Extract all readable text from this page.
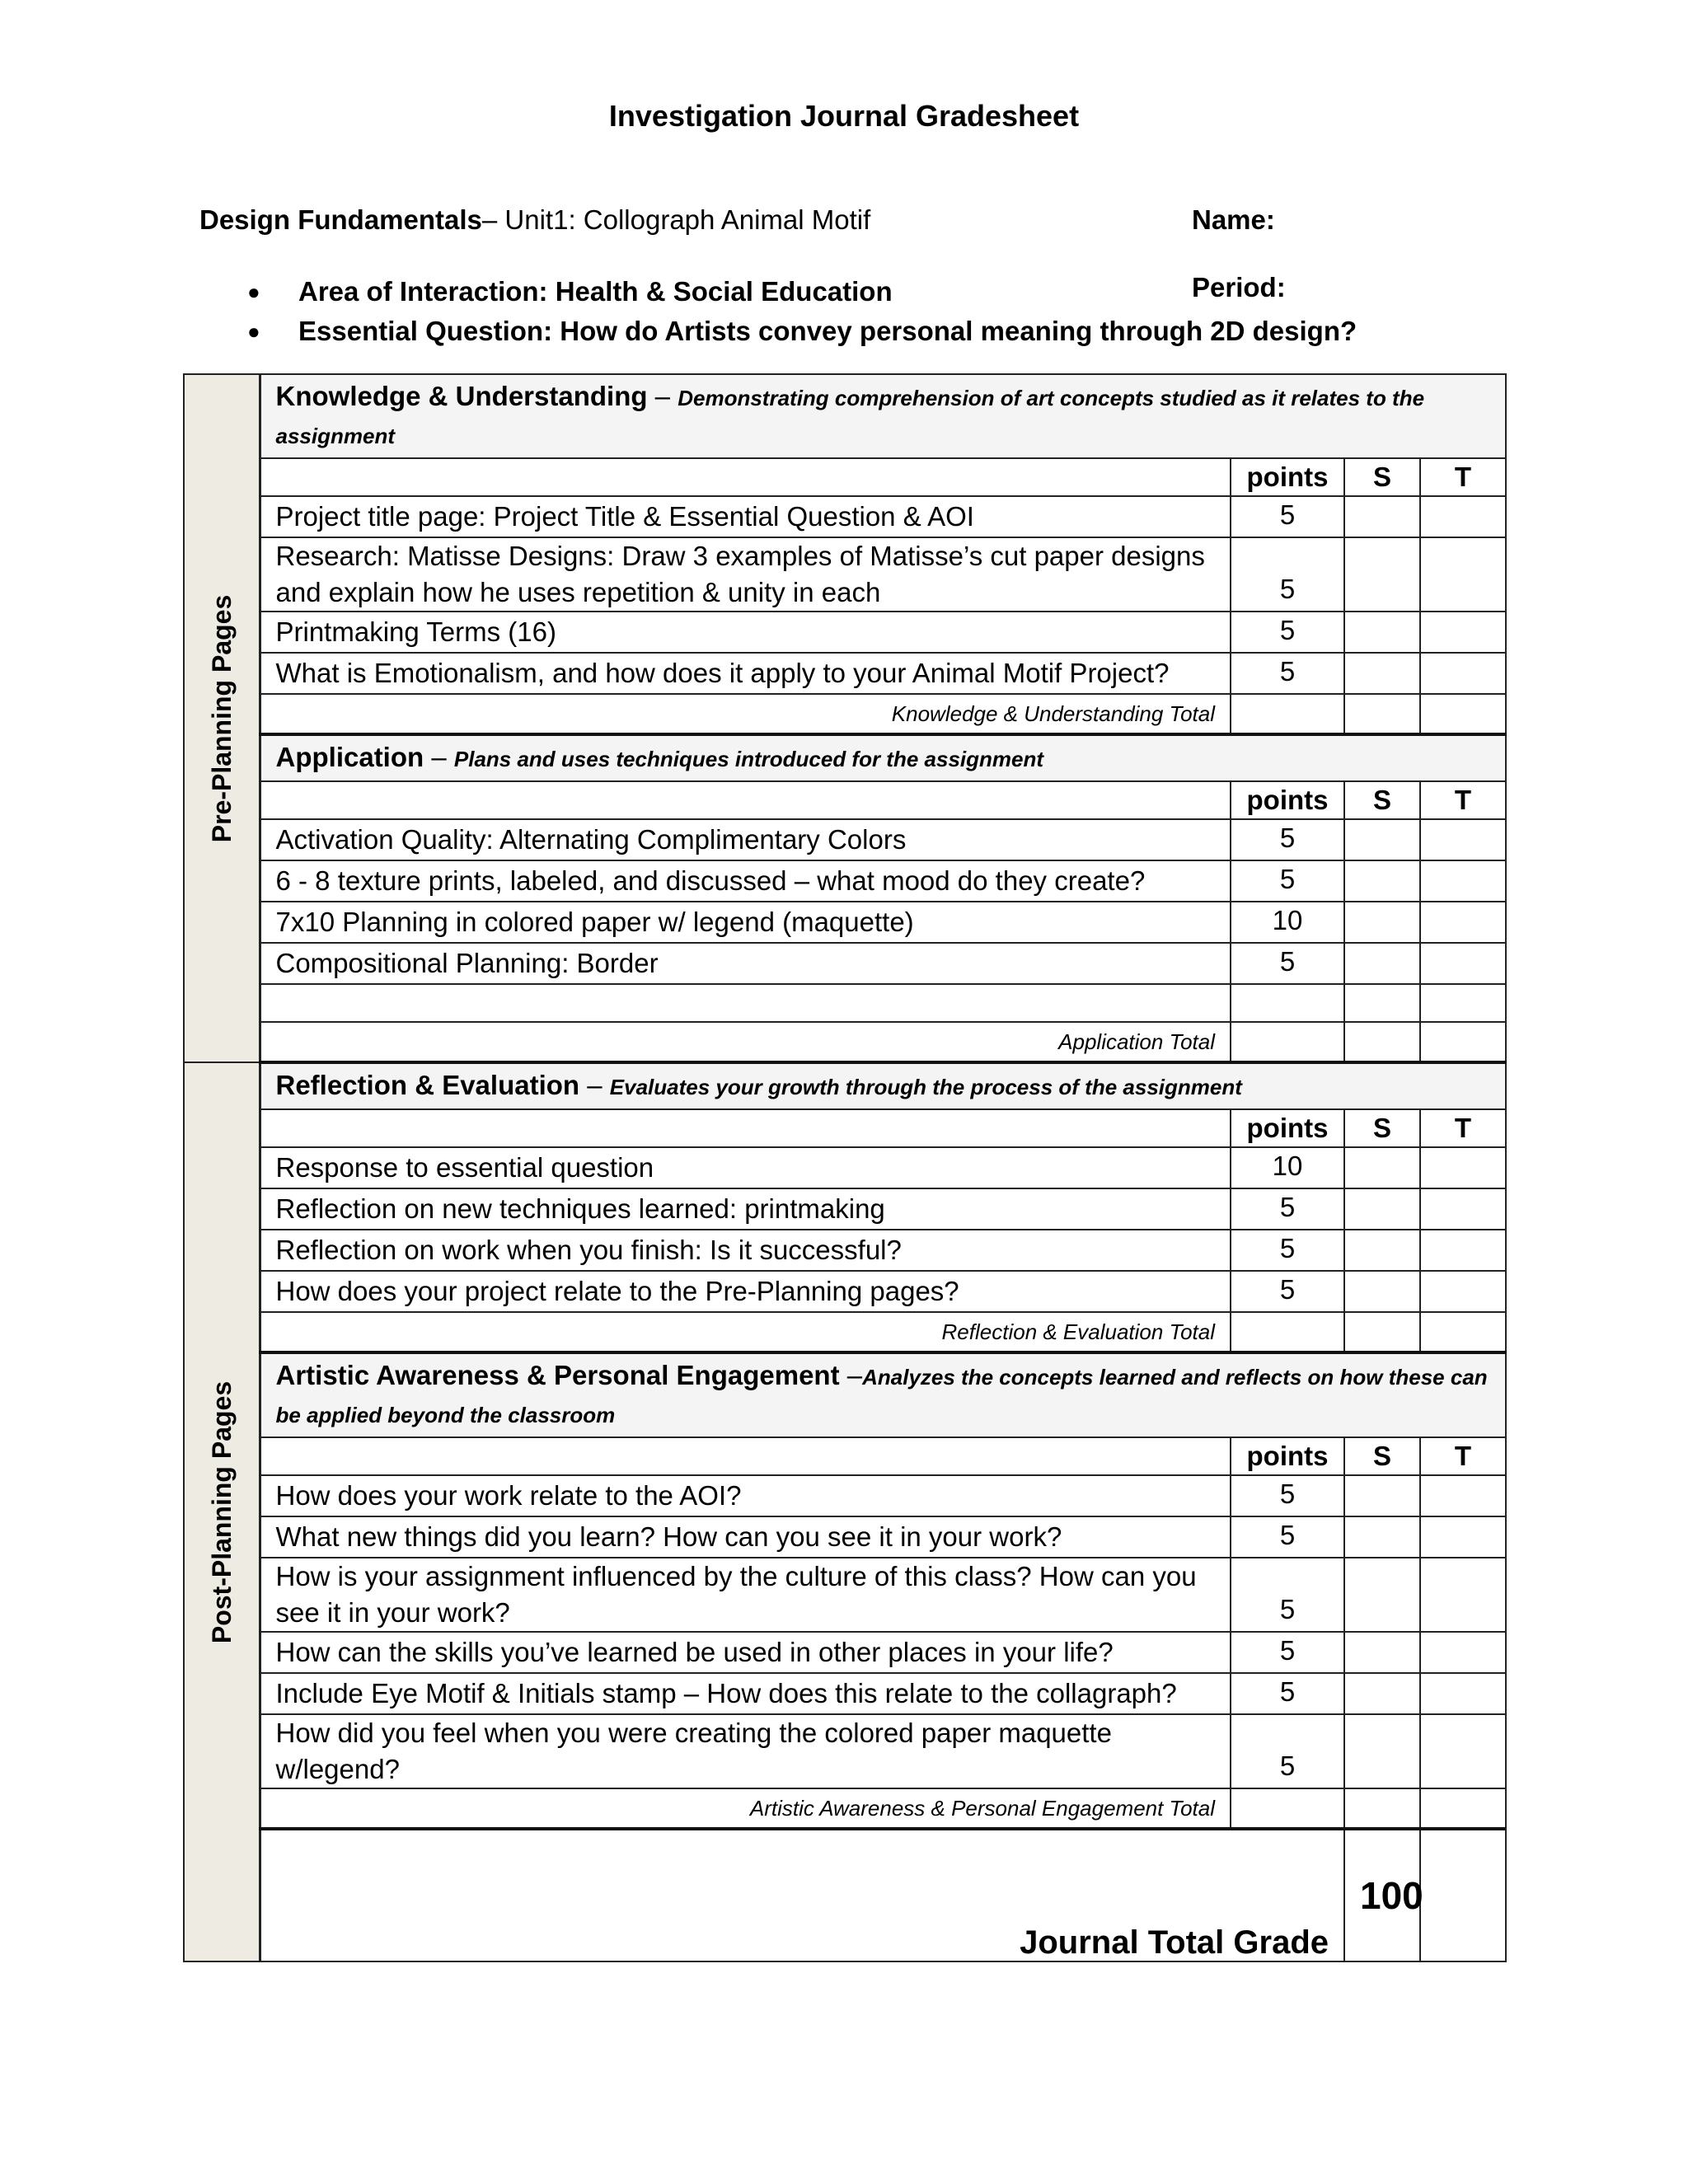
Investigation Journal Gradesheet
Design Fundamentals– Unit1: Collograph Animal Motif	Name:
Period:
●	Area of Interaction: Health & Social Education
●	Essential Question: How do Artists convey personal meaning through 2D design?
Pre-Planning Pages	Knowledge & Understanding – Demonstrating comprehension of art concepts studied as it relates to the assignment				
		points	S	T	
	Project title page: Project Title & Essential Question & AOI	5			
	Research: Matisse Designs: Draw 3 examples of Matisse’s cut paper designs and explain how he uses repetition & unity in each	5			
	Printmaking Terms (16)	5			
	What is Emotionalism, and how does it apply to your Animal Motif Project?	5			
	Knowledge & Understanding Total				
	Application – Plans and uses techniques introduced for the assignment				
		points	S	T	
	Activation Quality: Alternating Complimentary Colors	5			
	6 - 8 texture prints, labeled, and discussed – what mood do they create?	5			
	7x10 Planning in colored paper w/ legend (maquette)	10			
	Compositional Planning: Border	5			

	Application Total				

Post-Planning Pages	Reflection & Evaluation – Evaluates your growth through the process of the assignment				
		points	S	T	
	Response to essential question	10			
	Reflection on new techniques learned: printmaking	5			
	Reflection on work when you finish: Is it successful?	5			
	How does your project relate to the Pre-Planning pages?	5			
	Reflection & Evaluation Total				
	Artistic Awareness & Personal Engagement –Analyzes the concepts learned and reflects on how these can be applied beyond the classroom				
		points	S	T	
	How does your work relate to the AOI?	5			
	What new things did you learn? How can you see it in your work?	5			
	How is your assignment influenced by the culture of this class? How can you see it in your work?	5			
	How can the skills you’ve learned be used in other places in your life?	5			
	Include Eye Motif & Initials stamp – How does this relate to the collagraph?	5			
	How did you feel when you were creating the colored paper maquette w/legend?	5			
	Artistic Awareness & Personal Engagement Total				
	Journal Total Grade		100		
